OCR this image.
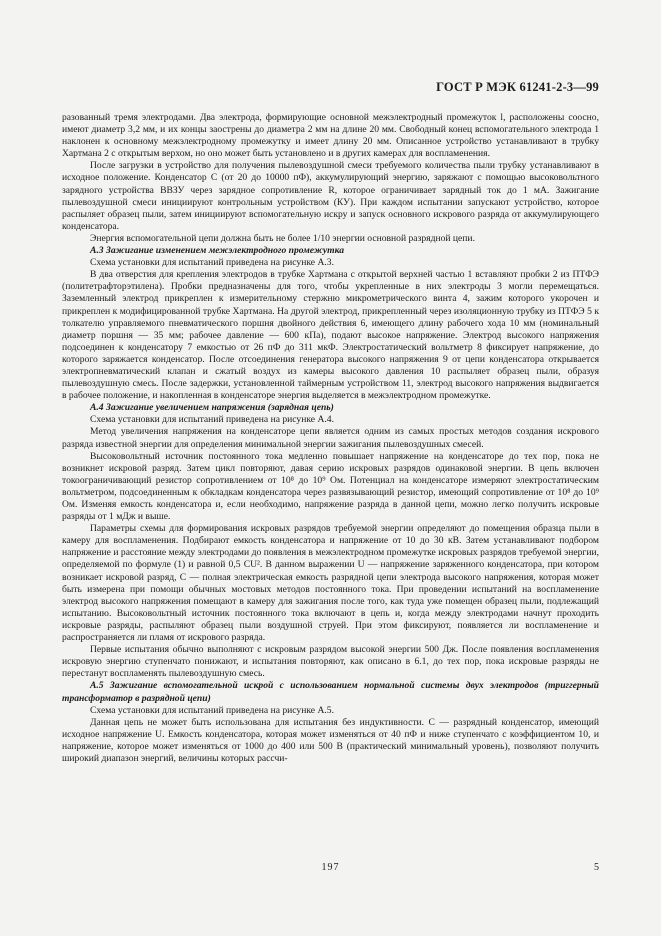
ГОСТ Р МЭК 61241-2-3—99

разованный тремя электродами. Два электрода, формирующие основной межэлектродный промежуток l, расположены соосно, имеют диаметр 3,2 мм, и их концы заострены до диаметра 2 мм на длине 20 мм. Свободный конец вспомогательного электрода 1 наклонен к основному межэлектродному промежутку и имеет длину 20 мм. Описанное устройство устанавливают в трубку Хартмана 2 с открытым верхом, но оно может быть установлено и в других камерах для воспламенения.

После загрузки в устройство для получения пылевоздушной смеси требуемого количества пыли трубку устанавливают в исходное положение. Конденсатор C (от 20 до 10000 пФ), аккумулирующий энергию, заряжают с помощью высоковольтного зарядного устройства ВВЗУ через зарядное сопротивление R, которое ограничивает зарядный ток до 1 мА. Зажигание пылевоздушной смеси инициируют контрольным устройством (КУ). При каждом испытании запускают устройство, которое распыляет образец пыли, затем инициируют вспомогательную искру и запуск основного искрового разряда от аккумулирующего конденсатора.

Энергия вспомогательной цепи должна быть не более 1/10 энергии основной разрядной цепи.

А.3 Зажигание изменением межэлектродного промежутка

Схема установки для испытаний приведена на рисунке А.3.

В два отверстия для крепления электродов в трубке Хартмана с открытой верхней частью 1 вставляют пробки 2 из ПТФЭ (политетрафторэтилена). Пробки предназначены для того, чтобы укрепленные в них электроды 3 могли перемещаться. Заземленный электрод прикреплен к измерительному стержню микрометрического винта 4, зажим которого укорочен и прикреплен к модифицированной трубке Хартмана. На другой электрод, прикрепленный через изоляционную трубку из ПТФЭ 5 к толкателю управляемого пневматического поршня двойного действия 6, имеющего длину рабочего хода 10 мм (номинальный диаметр поршня — 35 мм; рабочее давление — 600 кПа), подают высокое напряжение. Электрод высокого напряжения подсоединен к конденсатору 7 емкостью от 26 пФ до 311 мкФ. Электростатический вольтметр 8 фиксирует напряжение, до которого заряжается конденсатор. После отсоединения генератора высокого напряжения 9 от цепи конденсатора открывается электропневматический клапан и сжатый воздух из камеры высокого давления 10 распыляет образец пыли, образуя пылевоздушную смесь. После задержки, установленной таймерным устройством 11, электрод высокого напряжения выдвигается в рабочее положение, и накопленная в конденсаторе энергия выделяется в межэлектродном промежутке.

А.4 Зажигание увеличением напряжения (зарядная цепь)

Схема установки для испытаний приведена на рисунке А.4.

Метод увеличения напряжения на конденсаторе цепи является одним из самых простых методов создания искрового разряда известной энергии для определения минимальной энергии зажигания пылевоздушных смесей.

Высоковольтный источник постоянного тока медленно повышает напряжение на конденсаторе до тех пор, пока не возникнет искровой разряд. Затем цикл повторяют, давая серию искровых разрядов одинаковой энергии. В цепь включен токоограничивающий резистор сопротивлением от 10⁸ до 10⁹ Ом. Потенциал на конденсаторе измеряют электростатическим вольтметром, подсоединенным к обкладкам конденсатора через развязывающий резистор, имеющий сопротивление от 10⁸ до 10⁹ Ом. Изменяя емкость конденсатора и, если необходимо, напряжение разряда в данной цепи, можно легко получить искровые разряды от 1 мДж и выше.

Параметры схемы для формирования искровых разрядов требуемой энергии определяют до помещения образца пыли в камеру для воспламенения. Подбирают емкость конденсатора и напряжение от 10 до 30 кВ. Затем устанавливают подбором напряжение и расстояние между электродами до появления в межэлектродном промежутке искровых разрядов требуемой энергии, определяемой по формуле (1) и равной 0,5 CU². В данном выражении U — напряжение заряженного конденсатора, при котором возникает искровой разряд, C — полная электрическая емкость разрядной цепи электрода высокого напряжения, которая может быть измерена при помощи обычных мостовых методов постоянного тока. При проведении испытаний на воспламенение электрод высокого напряжения помещают в камеру для зажигания после того, как туда уже помещен образец пыли, подлежащий испытанию. Высоковольтный источник постоянного тока включают в цепь и, когда между электродами начнут проходить искровые разряды, распыляют образец пыли воздушной струей. При этом фиксируют, появляется ли воспламенение и распространяется ли пламя от искрового разряда.

Первые испытания обычно выполняют с искровым разрядом высокой энергии 500 Дж. После появления воспламенения искровую энергию ступенчато понижают, и испытания повторяют, как описано в 6.1, до тех пор, пока искровые разряды не перестанут воспламенять пылевоздушную смесь.

А.5 Зажигание вспомогательной искрой с использованием нормальной системы двух электродов (триггерный трансформатор в разрядной цепи)

Схема установки для испытаний приведена на рисунке А.5.

Данная цепь не может быть использована для испытания без индуктивности. C — разрядный конденсатор, имеющий исходное напряжение U. Емкость конденсатора, которая может изменяться от 40 пФ и ниже ступенчато с коэффициентом 10, и напряжение, которое может изменяться от 1000 до 400 или 500 В (практический минимальный уровень), позволяют получить широкий диапазон энергий, величины которых рассчи-

197	5
